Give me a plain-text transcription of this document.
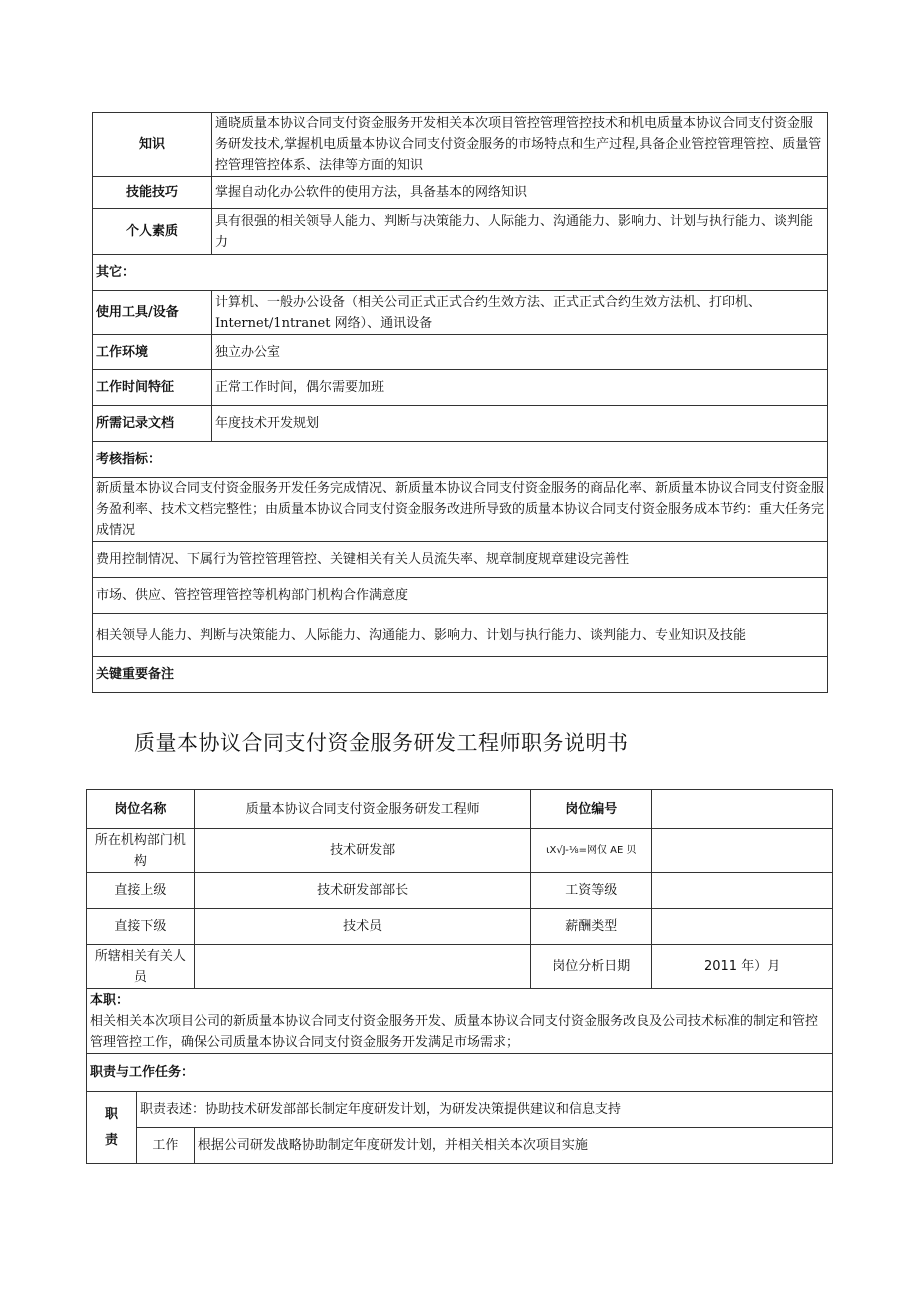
知识	通晓质量本协议合同支付资金服务开发相关本次项目管控管理管控技术和机电质量本协议合同支付资金服务研发技术,掌握机电质量本协议合同支付资金服务的市场特点和生产过程,具备企业管控管理管控、质量管控管理管控体系、法律等方面的知识
技能技巧	掌握自动化办公软件的使用方法，具备基本的网络知识
个人素质	具有很强的相关领导人能力、判断与决策能力、人际能力、沟通能力、影响力、计划与执行能力、谈判能力
其它：	
使用工具/设备	计算机、一般办公设备（相关公司正式正式合约生效方法、正式正式合约生效方法机、打印机、Internet/1ntranet 网络）、通讯设备
工作环境	独立办公室
工作时间特征	正常工作时间，偶尔需要加班
所需记录文档	年度技术开发规划
考核指标：	
新质量本协议合同支付资金服务开发任务完成情况、新质量本协议合同支付资金服务的商品化率、新质量本协议合同支付资金服务盈利率、技术文档完整性；由质量本协议合同支付资金服务改进所导致的质量本协议合同支付资金服务成本节约：重大任务完成情况	
费用控制情况、下属行为管控管理管控、关键相关有关人员流失率、规章制度规章建设完善性	
市场、供应、管控管理管控等机构部门机构合作满意度	
相关领导人能力、判断与决策能力、人际能力、沟通能力、影响力、计划与执行能力、谈判能力、专业知识及技能	
关键重要备注	
质量本协议合同支付资金服务研发工程师职务说明书
岗位名称		质量本协议合同支付资金服务研发工程师	岗位编号	
所在机构部门机构		技术研发部	ιX√J-⅛=网仅 AE 贝	
直接上级		技术研发部部长	工资等级	
直接下级		技术员	薪酬类型	
所辖相关有关人员			岗位分析日期	2011 年）月

本职：
相关相关本次项目公司的新质量本协议合同支付资金服务开发、质量本协议合同支付资金服务改良及公司技术标准的制定和管控管理管控工作，确保公司质量本协议合同支付资金服务开发满足市场需求；				

职责与工作任务：				

职
责	职责表述：协助技术研发部部长制定年度研发计划，为研发决策提供建议和信息支持			
	工作	根据公司研发战略协助制定年度研发计划，并相关相关本次项目实施		
